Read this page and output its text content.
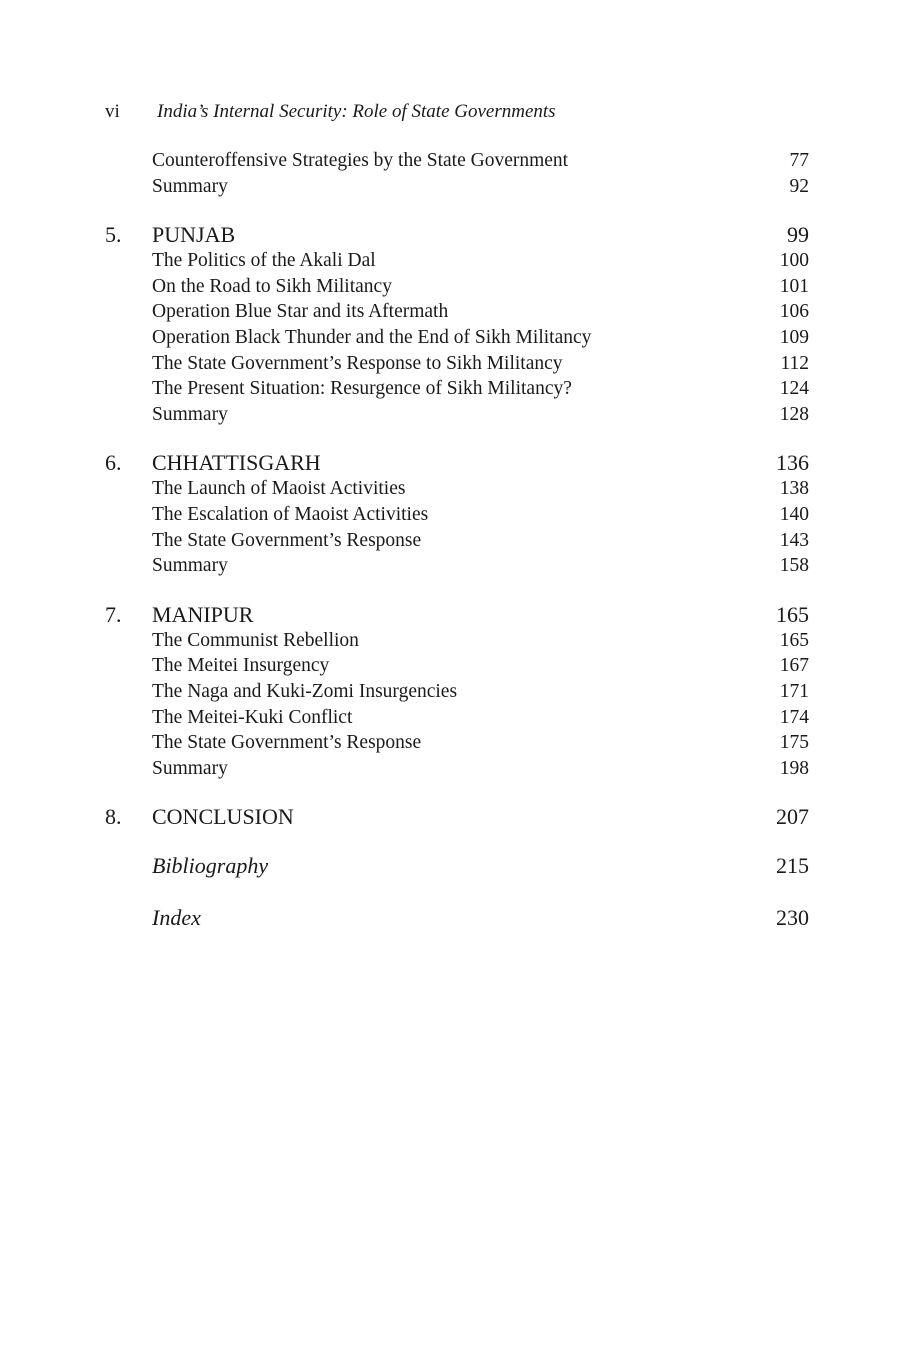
vi India’s Internal Security: Role of State Governments
Counteroffensive Strategies by the State Government	77
Summary	92
5. PUNJAB	99
The Politics of the Akali Dal	100
On the Road to Sikh Militancy	101
Operation Blue Star and its Aftermath	106
Operation Black Thunder and the End of Sikh Militancy	109
The State Government’s Response to Sikh Militancy	112
The Present Situation: Resurgence of Sikh Militancy?	124
Summary	128
6. CHHATTISGARH	136
The Launch of Maoist Activities	138
The Escalation of Maoist Activities	140
The State Government’s Response	143
Summary	158
7. MANIPUR	165
The Communist Rebellion	165
The Meitei Insurgency	167
The Naga and Kuki-Zomi Insurgencies	171
The Meitei-Kuki Conflict	174
The State Government’s Response	175
Summary	198
8. CONCLUSION	207
Bibliography	215
Index	230
